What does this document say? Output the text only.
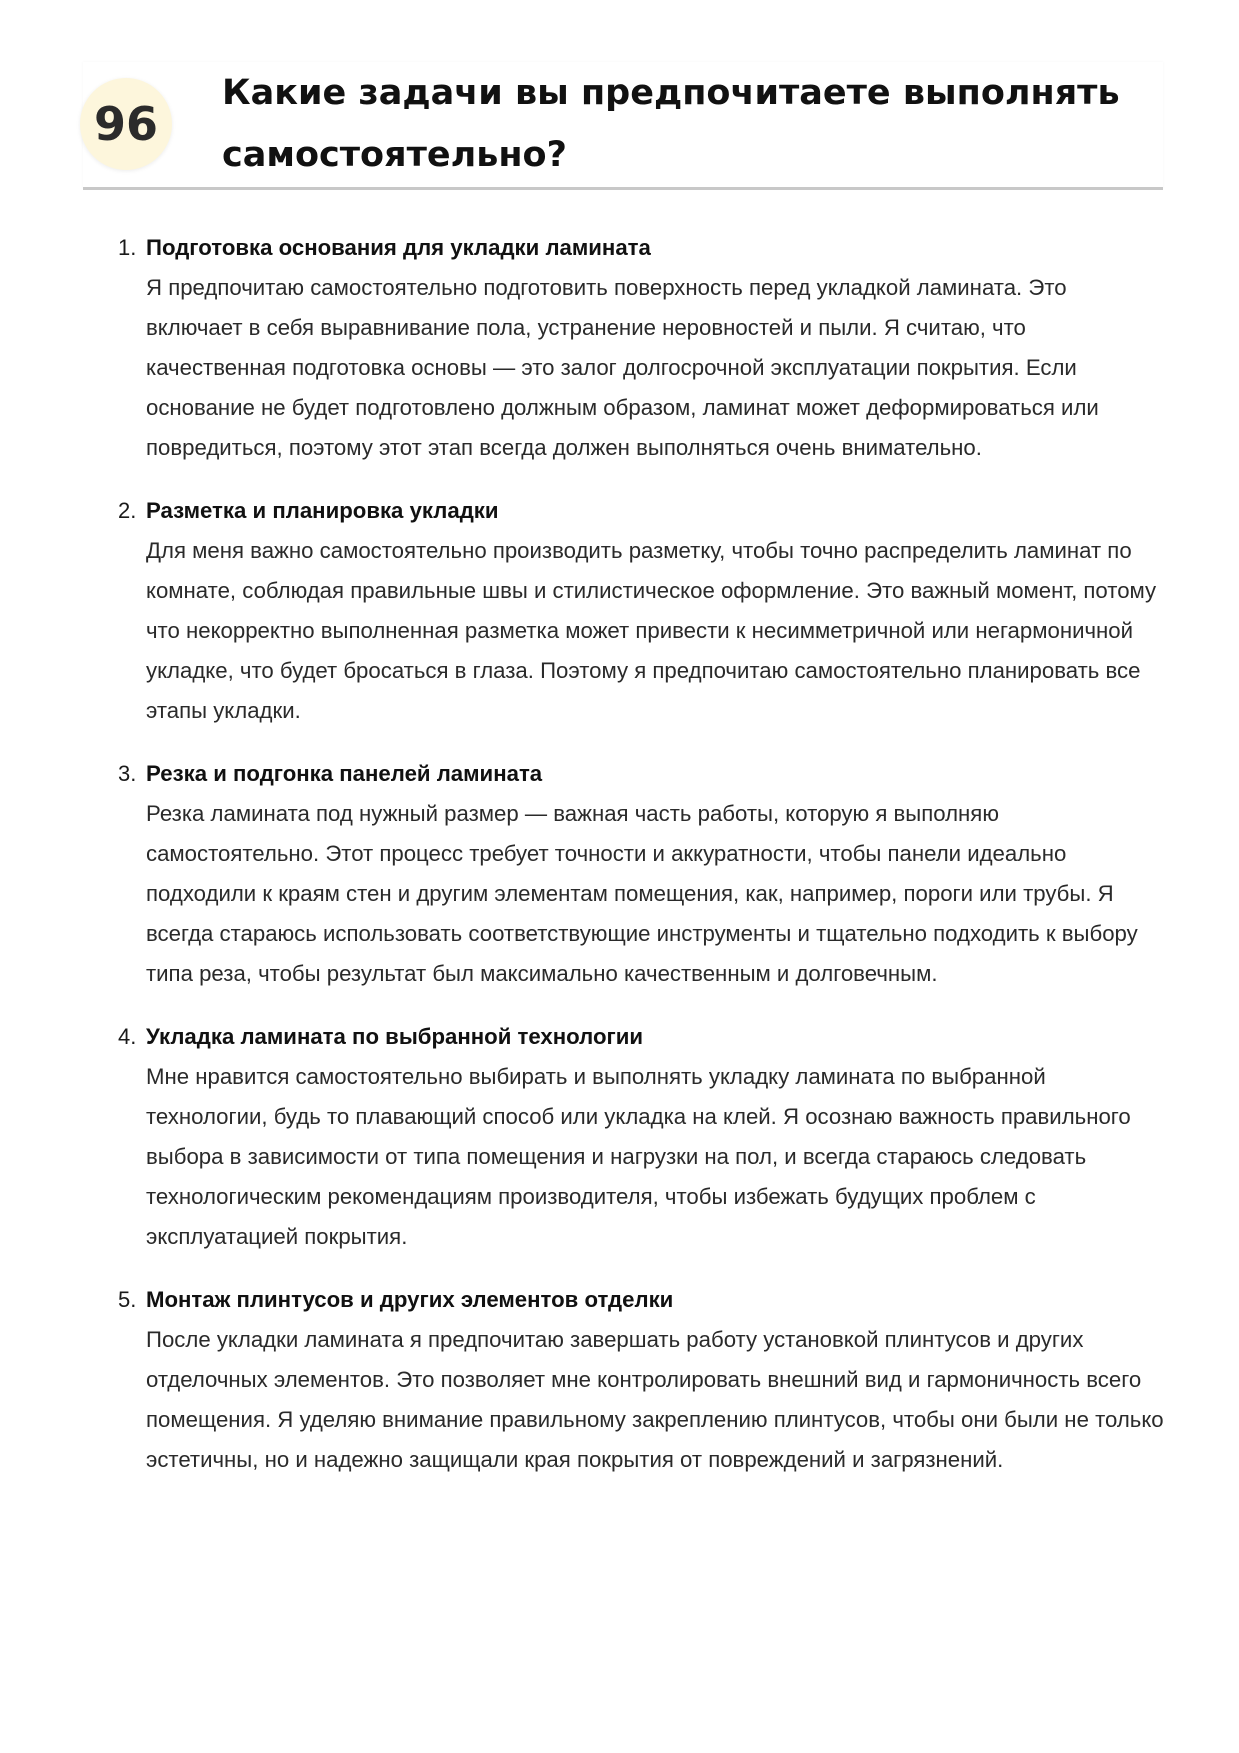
96
Какие задачи вы предпочитаете выполнять самостоятельно?
1. Подготовка основания для укладки ламината

Я предпочитаю самостоятельно подготовить поверхность перед укладкой ламината. Это включает в себя выравнивание пола, устранение неровностей и пыли. Я считаю, что качественная подготовка основы — это залог долгосрочной эксплуатации покрытия. Если основание не будет подготовлено должным образом, ламинат может деформироваться или повредиться, поэтому этот этап всегда должен выполняться очень внимательно.

2. Разметка и планировка укладки

Для меня важно самостоятельно производить разметку, чтобы точно распределить ламинат по комнате, соблюдая правильные швы и стилистическое оформление. Это важный момент, потому что некорректно выполненная разметка может привести к несимметричной или негармоничной укладке, что будет бросаться в глаза. Поэтому я предпочитаю самостоятельно планировать все этапы укладки.

3. Резка и подгонка панелей ламината

Резка ламината под нужный размер — важная часть работы, которую я выполняю самостоятельно. Этот процесс требует точности и аккуратности, чтобы панели идеально подходили к краям стен и другим элементам помещения, как, например, пороги или трубы. Я всегда стараюсь использовать соответствующие инструменты и тщательно подходить к выбору типа реза, чтобы результат был максимально качественным и долговечным.

4. Укладка ламината по выбранной технологии

Мне нравится самостоятельно выбирать и выполнять укладку ламината по выбранной технологии, будь то плавающий способ или укладка на клей. Я осознаю важность правильного выбора в зависимости от типа помещения и нагрузки на пол, и всегда стараюсь следовать технологическим рекомендациям производителя, чтобы избежать будущих проблем с эксплуатацией покрытия.

5. Монтаж плинтусов и других элементов отделки

После укладки ламината я предпочитаю завершать работу установкой плинтусов и других отделочных элементов. Это позволяет мне контролировать внешний вид и гармоничность всего помещения. Я уделяю внимание правильному закреплению плинтусов, чтобы они были не только эстетичны, но и надежно защищали края покрытия от повреждений и загрязнений.
